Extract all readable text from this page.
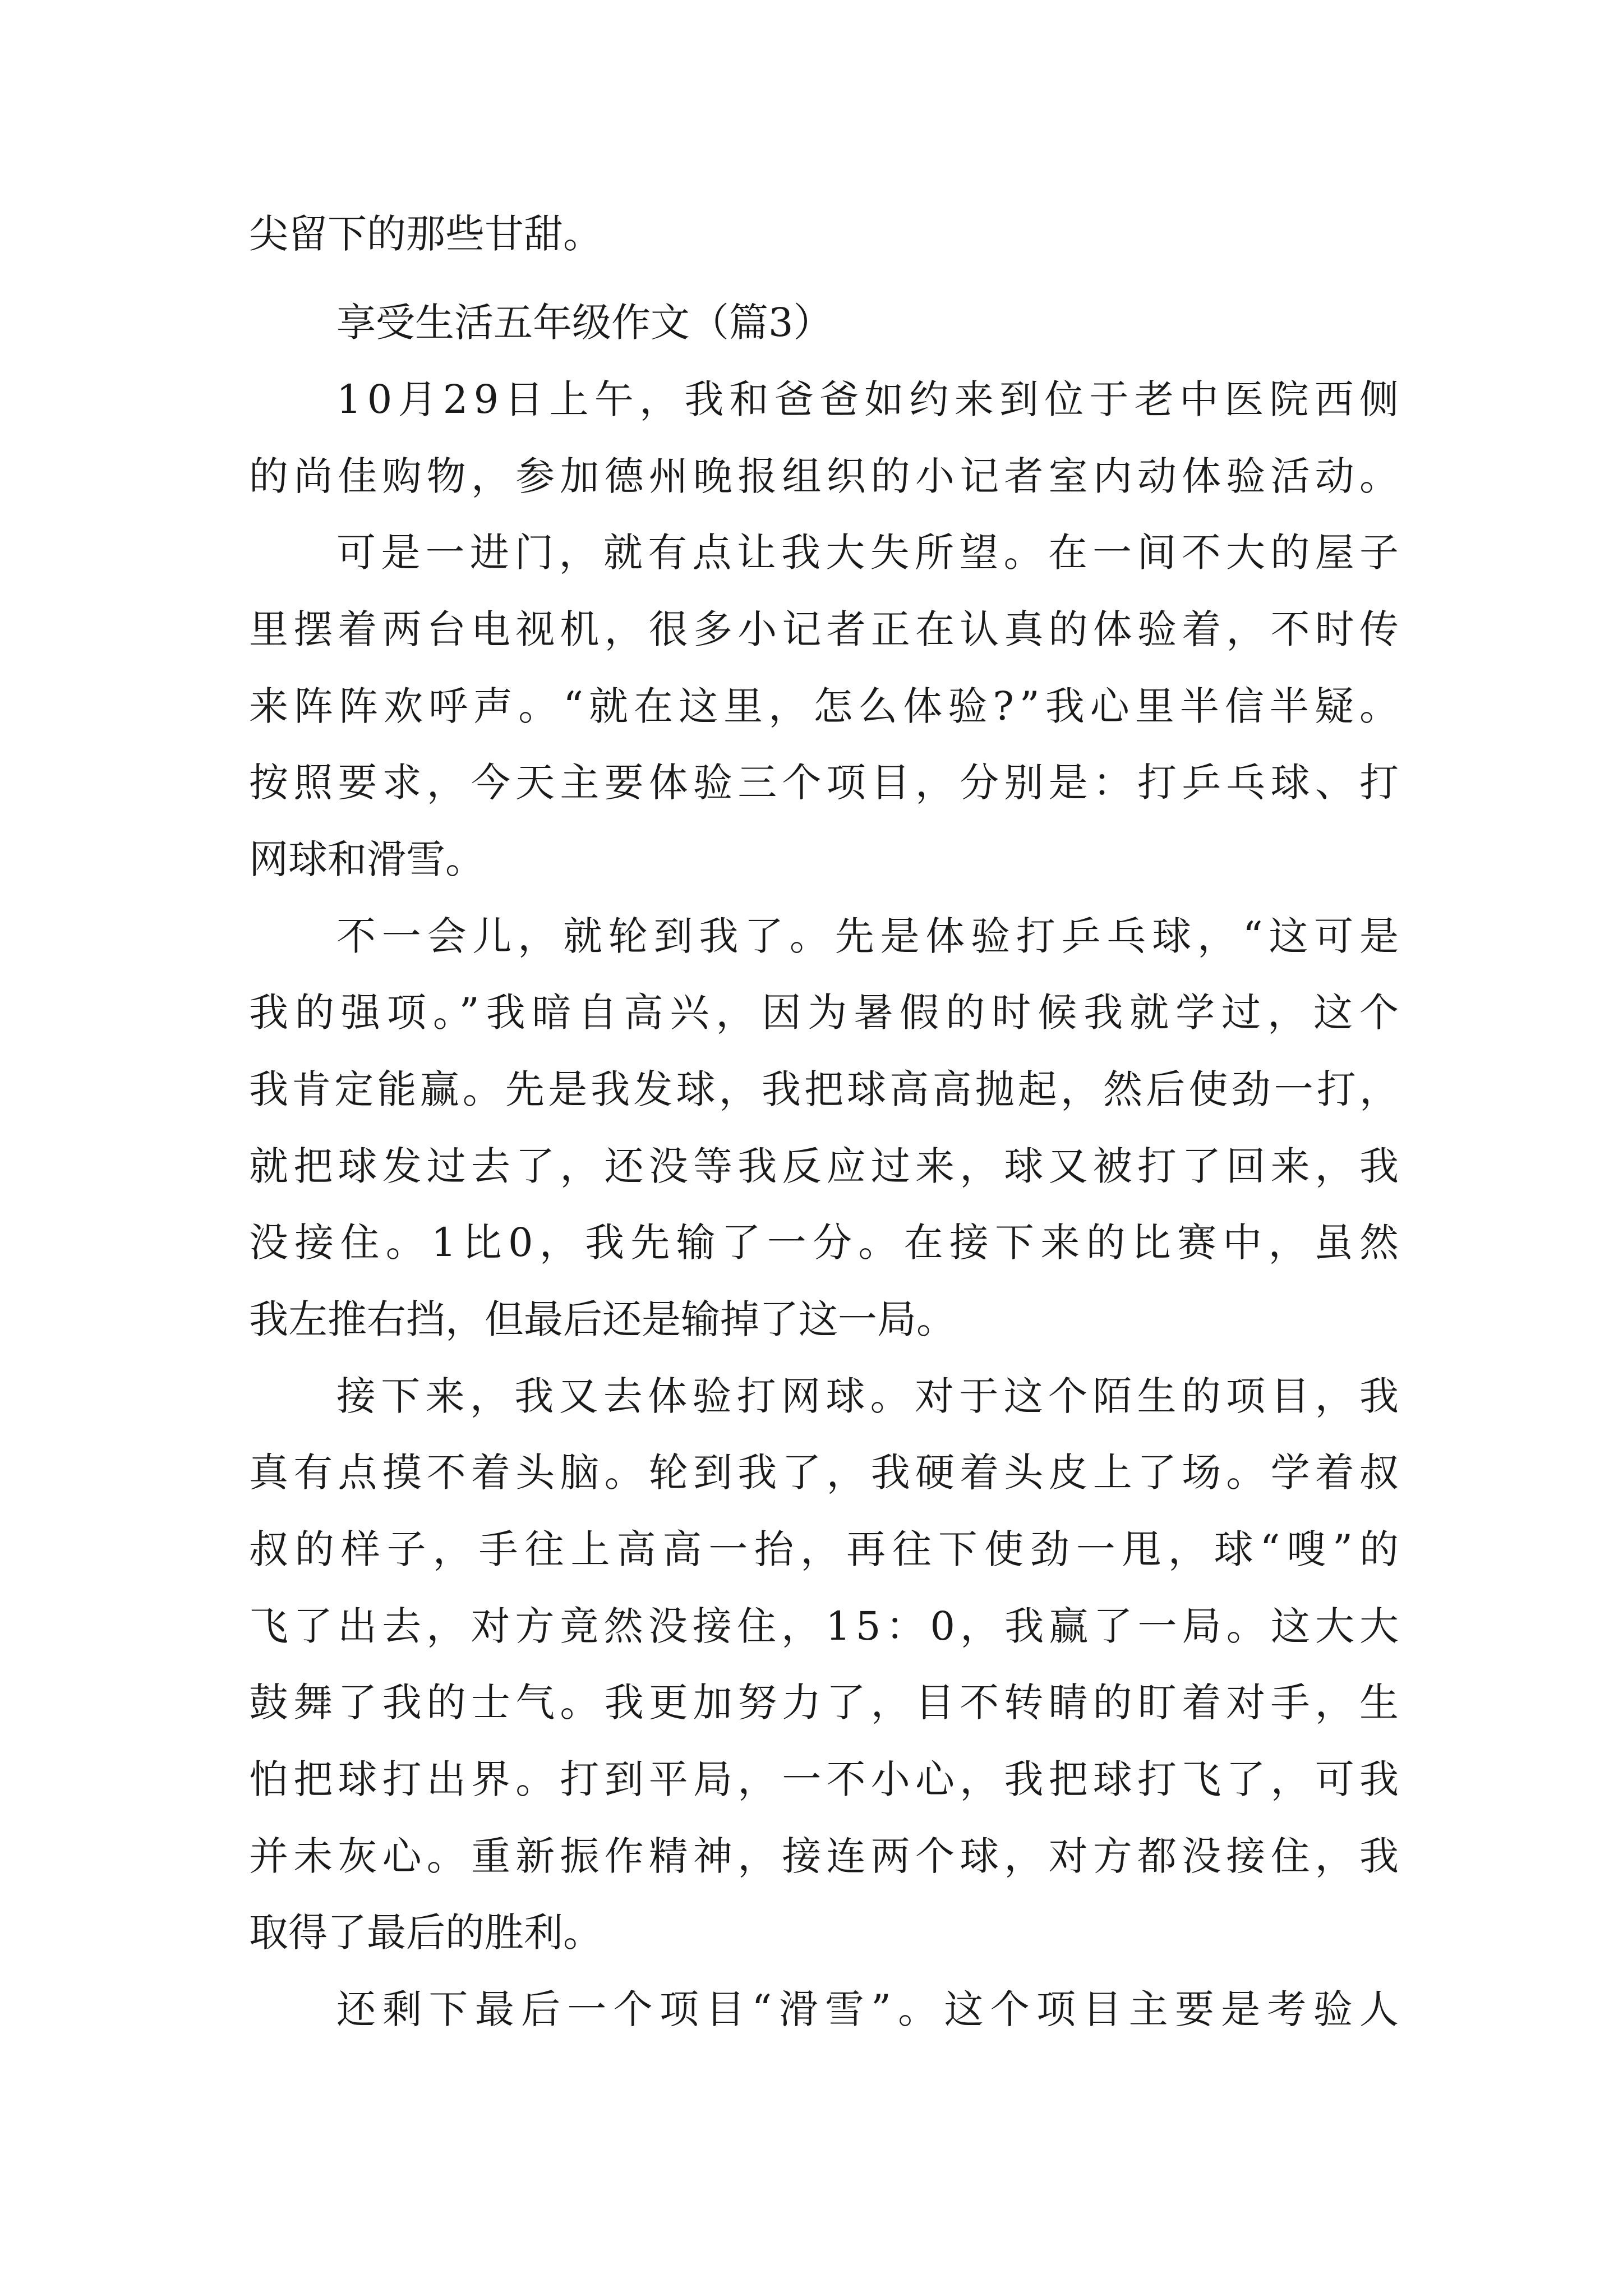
尖留下的那些甘甜。
享受生活五年级作文（篇3）
10月29日上午，我和爸爸如约来到位于老中医院西侧
的尚佳购物，参加德州晚报组织的小记者室内动体验活动。
可是一进门，就有点让我大失所望。在一间不大的屋子
里摆着两台电视机，很多小记者正在认真的体验着，不时传
来阵阵欢呼声。“就在这里，怎么体验?”我心里半信半疑。
按照要求，今天主要体验三个项目，分别是：打乒乓球、打
网球和滑雪。
不一会儿，就轮到我了。先是体验打乒乓球，“这可是
我的强项。”我暗自高兴，因为暑假的时候我就学过，这个
我肯定能赢。先是我发球，我把球高高抛起，然后使劲一打，
就把球发过去了，还没等我反应过来，球又被打了回来，我
没接住。1比0，我先输了一分。在接下来的比赛中，虽然
我左推右挡，但最后还是输掉了这一局。
接下来，我又去体验打网球。对于这个陌生的项目，我
真有点摸不着头脑。轮到我了，我硬着头皮上了场。学着叔
叔的样子，手往上高高一抬，再往下使劲一甩，球“嗖”的
飞了出去，对方竟然没接住，15：0，我赢了一局。这大大
鼓舞了我的士气。我更加努力了，目不转睛的盯着对手，生
怕把球打出界。打到平局，一不小心，我把球打飞了，可我
并未灰心。重新振作精神，接连两个球，对方都没接住，我
取得了最后的胜利。
还剩下最后一个项目“滑雪”。这个项目主要是考验人
